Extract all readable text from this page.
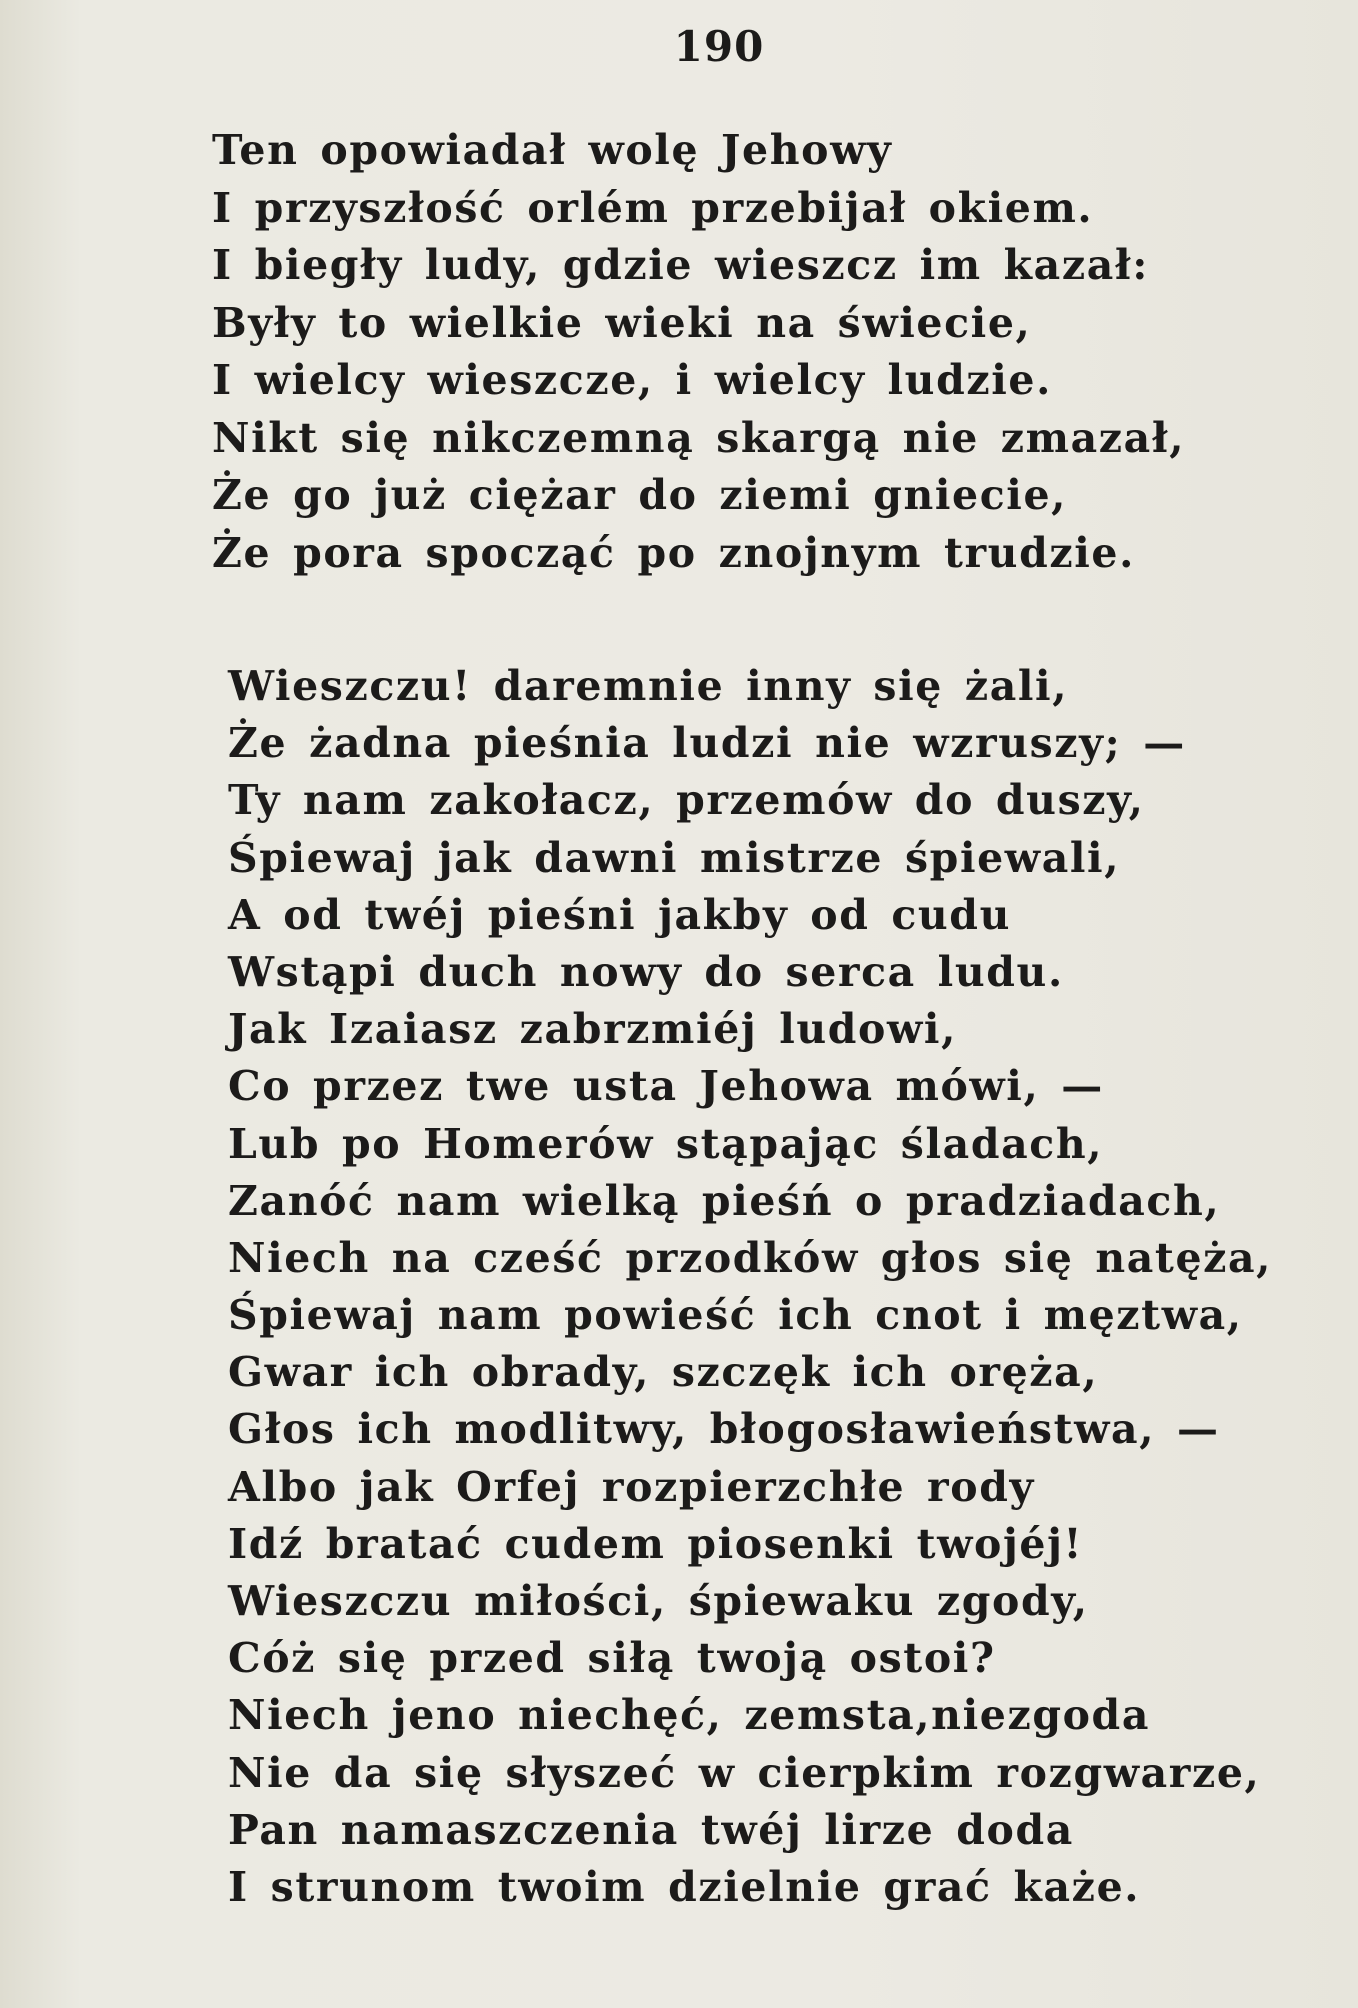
190
Ten opowiadał wolę Jehowy
I przyszłość orlém przebijał okiem.
I biegły ludy, gdzie wieszcz im kazał:
Były to wielkie wieki na świecie,
I wielcy wieszcze, i wielcy ludzie.
Nikt się nikczemną skargą nie zmazał,
Że go już ciężar do ziemi gniecie,
Że pora spocząć po znojnym trudzie.
Wieszczu! daremnie inny się żali,
Że żadna pieśnia ludzi nie wzruszy; —
Ty nam zakołacz, przemów do duszy,
Śpiewaj jak dawni mistrze śpiewali,
A od twéj pieśni jakby od cudu
Wstąpi duch nowy do serca ludu.
Jak Izaiasz zabrzmiéj ludowi,
Co przez twe usta Jehowa mówi, —
Lub po Homerów stąpając śladach,
Zanóć nam wielką pieśń o pradziadach,
Niech na cześć przodków głos się natęża,
Śpiewaj nam powieść ich cnot i męztwa,
Gwar ich obrady, szczęk ich oręża,
Głos ich modlitwy, błogosławieństwa, —
Albo jak Orfej rozpierzchłe rody
Idź bratać cudem piosenki twojéj!
Wieszczu miłości, śpiewaku zgody,
Cóż się przed siłą twoją ostoi?
Niech jeno niechęć, zemsta,niezgoda
Nie da się słyszeć w cierpkim rozgwarze,
Pan namaszczenia twéj lirze doda
I strunom twoim dzielnie grać każe.
